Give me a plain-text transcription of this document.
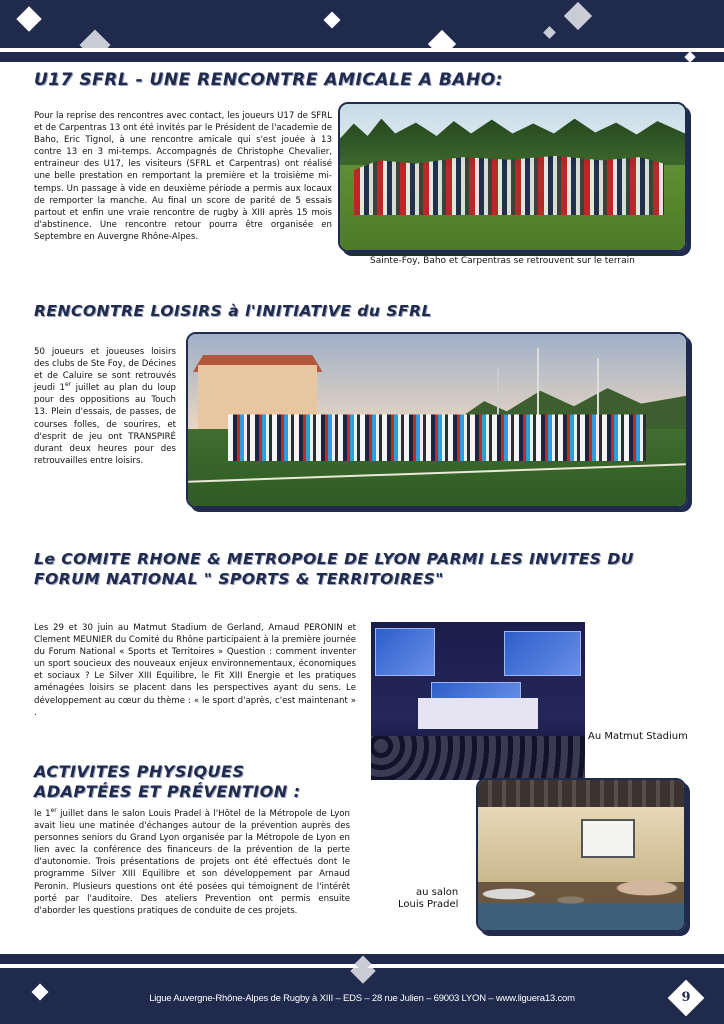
U17 SFRL - UNE RENCONTRE AMICALE A BAHO:
Pour la reprise des rencontres avec contact, les joueurs U17 de SFRL et de Carpentras 13 ont été invités par le Président de l'academie de Baho, Eric Tignol, à une rencontre amicale qui s'est jouée à 13 contre 13 en 3 mi-temps. Accompagnés de Christophe Chevalier, entraineur des U17, les visiteurs (SFRL et Carpentras) ont réalisé une belle prestation en remportant la première et la troisième mi-temps. Un passage à vide en deuxième période a permis aux locaux de remporter la manche. Au final un score de parité de 5 essais partout et enfin une vraie rencontre de rugby à XIII après 15 mois d'abstinence. Une rencontre retour pourra être organisée en Septembre en Auvergne Rhône-Alpes.
Sainte-Foy, Baho et Carpentras se retrouvent sur le terrain
RENCONTRE LOISIRS à l'INITIATIVE du SFRL
50 joueurs et joueuses loisirs des clubs de Ste Foy, de Décines et de Caluire se sont retrouvés jeudi 1er juillet au plan du loup pour des oppositions au Touch 13. Plein d'essais, de passes, de courses folles, de sourires, et d'esprit de jeu ont TRANSPIRÉ durant deux heures pour des retrouvailles entre loisirs.
Le COMITE RHONE & METROPOLE DE LYON PARMI LES INVITES DU
FORUM NATIONAL " SPORTS & TERRITOIRES"
Les 29 et 30 juin au Matmut Stadium de Gerland, Arnaud PERONIN et Clement MEUNIER du Comité du Rhône participaient à la première journée du Forum National « Sports et Territoires » Question : comment inventer un sport soucieux des nouveaux enjeux environnementaux, économiques et sociaux ? Le Silver XIII Equilibre, le Fit XIII Energie et les pratiques aménagées loisirs se placent dans les perspectives ayant du sens. Le développement au cœur du thème : « le sport d'après, c'est maintenant » .
Au Matmut Stadium
ACTIVITES PHYSIQUES
ADAPTÉES ET PRÉVENTION :
le 1er juillet dans le salon Louis Pradel à l'Hôtel de la Métropole de Lyon avait lieu une matinée d'échanges autour de la prévention auprès des personnes seniors du Grand Lyon organisée par la Métropole de Lyon en lien avec la conférence des financeurs de la prévention de la perte d'autonomie. Trois présentations de projets ont été effectués dont le programme Silver XIII Equilibre et son développement par Arnaud Peronin. Plusieurs questions ont été posées qui témoignent de l'intérêt porté par l'auditoire. Des ateliers Prevention ont permis ensuite d'aborder les questions pratiques de conduite de ces projets.
au salon
Louis Pradel
Ligue Auvergne-Rhône-Alpes de Rugby à XIII – EDS – 28 rue Julien – 69003 LYON – www.liguera13.com	9
